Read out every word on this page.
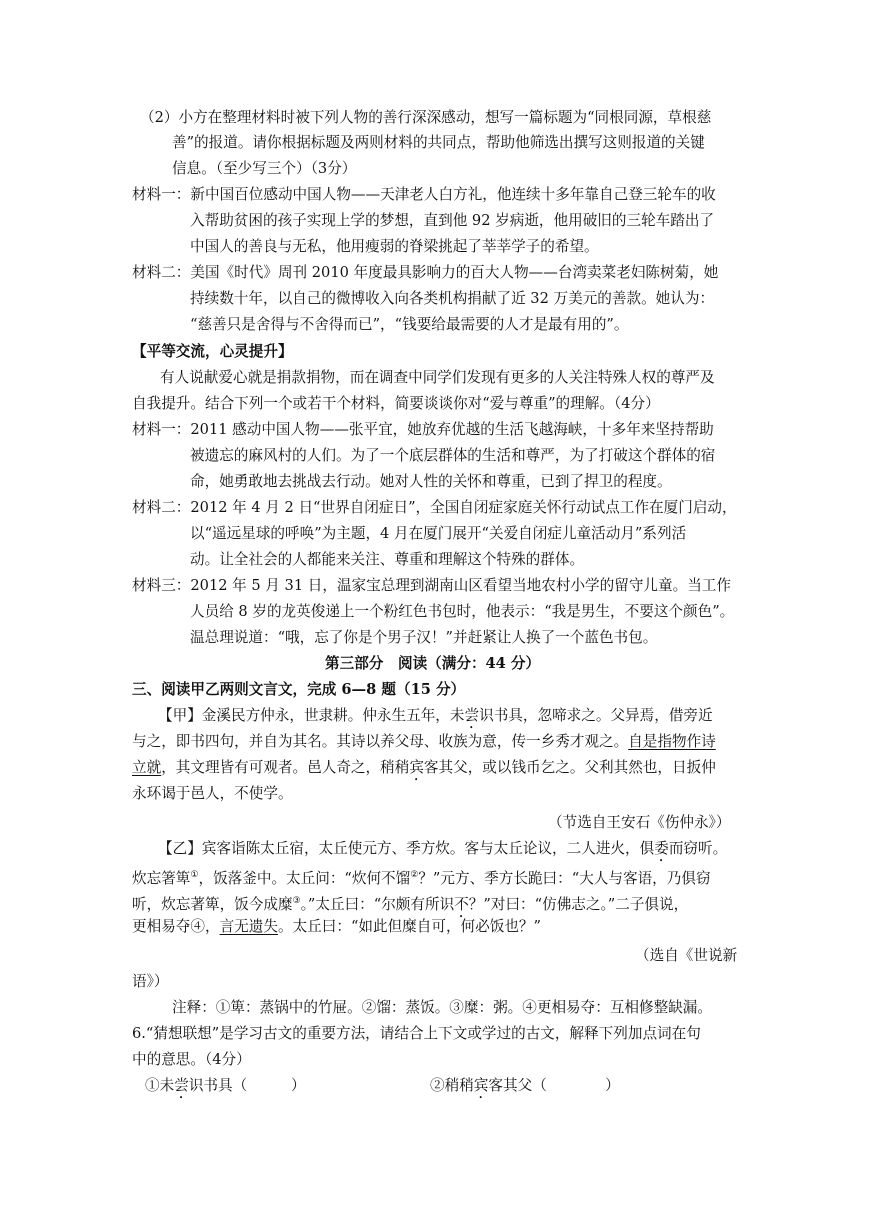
（2）小方在整理材料时被下列人物的善行深深感动，想写一篇标题为“同根同源，草根慈
善”的报道。请你根据标题及两则材料的共同点，帮助他筛选出撰写这则报道的关键
信息。（至少写三个）（3分）
材料一：新中国百位感动中国人物——天津老人白方礼，他连续十多年靠自己登三轮车的收
入帮助贫困的孩子实现上学的梦想，直到他 92 岁病逝，他用破旧的三轮车踏出了
中国人的善良与无私，他用瘦弱的脊梁挑起了莘莘学子的希望。
材料二：美国《时代》周刊 2010 年度最具影响力的百大人物——台湾卖菜老妇陈树菊，她
持续数十年，以自己的微博收入向各类机构捐献了近 32 万美元的善款。她认为：
“慈善只是舍得与不舍得而已”，“钱要给最需要的人才是最有用的”。
【平等交流，心灵提升】
有人说献爱心就是捐款捐物，而在调查中同学们发现有更多的人关注特殊人权的尊严及
自我提升。结合下列一个或若干个材料，简要谈谈你对“爱与尊重”的理解。（4分）
材料一：2011 感动中国人物——张平宜，她放弃优越的生活飞越海峡，十多年来坚持帮助
被遗忘的麻风村的人们。为了一个底层群体的生活和尊严，为了打破这个群体的宿
命，她勇敢地去挑战去行动。她对人性的关怀和尊重，已到了捍卫的程度。
材料二：2012 年 4 月 2 日“世界自闭症日”，全国自闭症家庭关怀行动试点工作在厦门启动，
以“遥远星球的呼唤”为主题，4 月在厦门展开“关爱自闭症儿童活动月”系列活
动。让全社会的人都能来关注、尊重和理解这个特殊的群体。
材料三：2012 年 5 月 31 日，温家宝总理到湖南山区看望当地农村小学的留守儿童。当工作
人员给 8 岁的龙英俊递上一个粉红色书包时，他表示：“我是男生，不要这个颜色”。
温总理说道：“哦，忘了你是个男子汉！”并赶紧让人换了一个蓝色书包。
第三部分　阅读（满分：44 分）
三、阅读甲乙两则文言文，完成 6—8 题（15 分）
【甲】金溪民方仲永，世隶耕。仲永生五年，未尝识书具，忽啼求之。父异焉，借旁近
与之，即书四句，并自为其名。其诗以养父母、收族为意，传一乡秀才观之。自是指物作诗
立就，其文理皆有可观者。邑人奇之，稍稍宾客其父，或以钱币乞之。父利其然也，日扳仲
永环谒于邑人，不使学。
（节选自王安石《伤仲永》）
【乙】宾客诣陈太丘宿，太丘使元方、季方炊。客与太丘论议，二人进火，俱委而窃听。
炊忘箸箄①，饭落釜中。太丘问：“炊何不馏②？”元方、季方长跪曰：“大人与客语，乃俱窃
听，炊忘著箄，饭今成糜③。”太丘曰：“尔颇有所识不？”对曰：“仿佛志之。”二子俱说，
更相易夺④，言无遗失。太丘曰：“如此但糜自可，何必饭也？”
（选自《世说新
语》）
注释：①箄：蒸锅中的竹屉。②馏：蒸饭。③糜：粥。④更相易夺：互相修整缺漏。
6.“猜想联想”是学习古文的重要方法，请结合上下文或学过的古文，解释下列加点词在句
中的意思。（4分）
①未尝识书具（　　　）	②稍稍宾客其父（　　　　）
